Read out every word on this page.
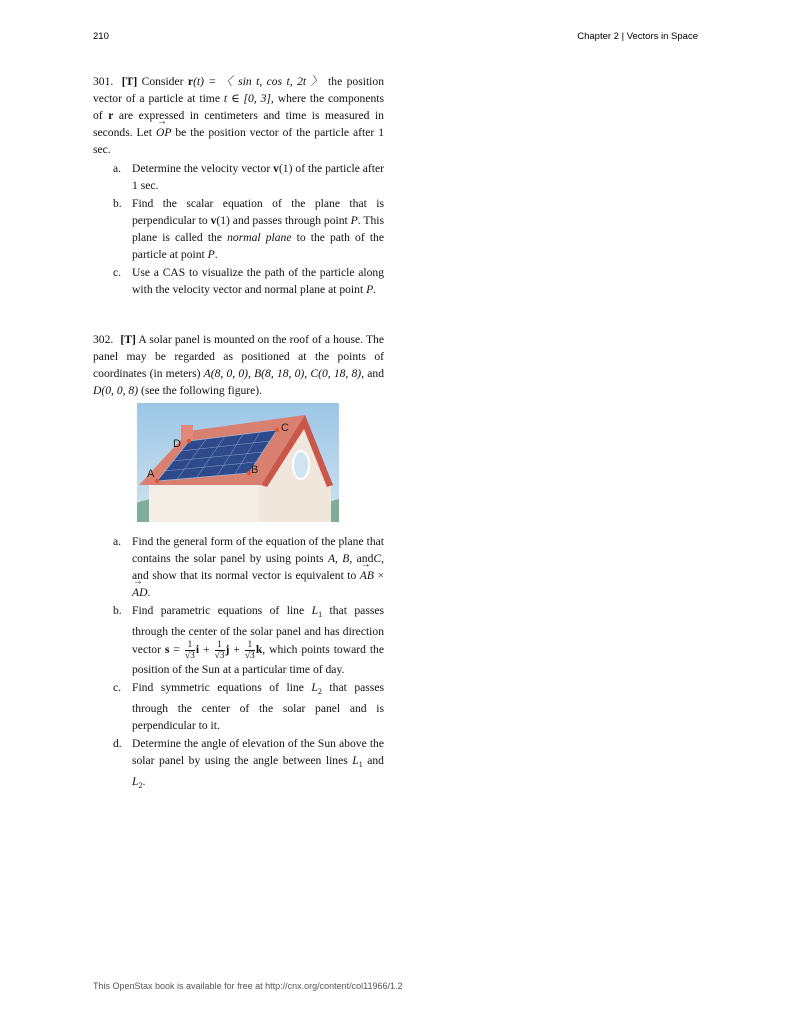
210	Chapter 2 | Vectors in Space

301. [T] Consider r(t) = 〈 sin t, cos t, 2t 〉 the position vector of a particle at time t ∈ [0, 3], where the components of r are expressed in centimeters and time is measured in seconds. Let → OP be the position vector of the particle after 1 sec.

a. Determine the velocity vector v(1) of the particle after 1 sec.
b. Find the scalar equation of the plane that is perpendicular to v(1) and passes through point P. This plane is called the normal plane to the path of the particle at point P.
c. Use a CAS to visualize the path of the particle along with the velocity vector and normal plane at point P.

302. [T] A solar panel is mounted on the roof of a house. The panel may be regarded as positioned at the points of coordinates (in meters) A(8, 0, 0), B(8, 18, 0), C(0, 18, 8), and D(0, 0, 8) (see the following figure).

A	B
C
D
a. Find the general form of the equation of the plane that contains the solar panel by using points A, B, andC, and show that its normal vector is equivalent to → AB × → AD.
b. Find parametric equations of line $L_1$ that passes through the center of the solar panel and has direction vector $s = \frac{1}{√3}$ $i + \frac{1}{√3}$ $j + \frac{1}{√3} k$, which points toward the position of the Sun at a particular time of day.
c. Find symmetric equations of line $L_2$ that passes through the center of the solar panel and is perpendicular to it.
d. Determine the angle of elevation of the Sun above the solar panel by using the angle between lines $L_1$ and $L_2$.
This OpenStax book is available for free at http://cnx.org/content/col11966/1.2
